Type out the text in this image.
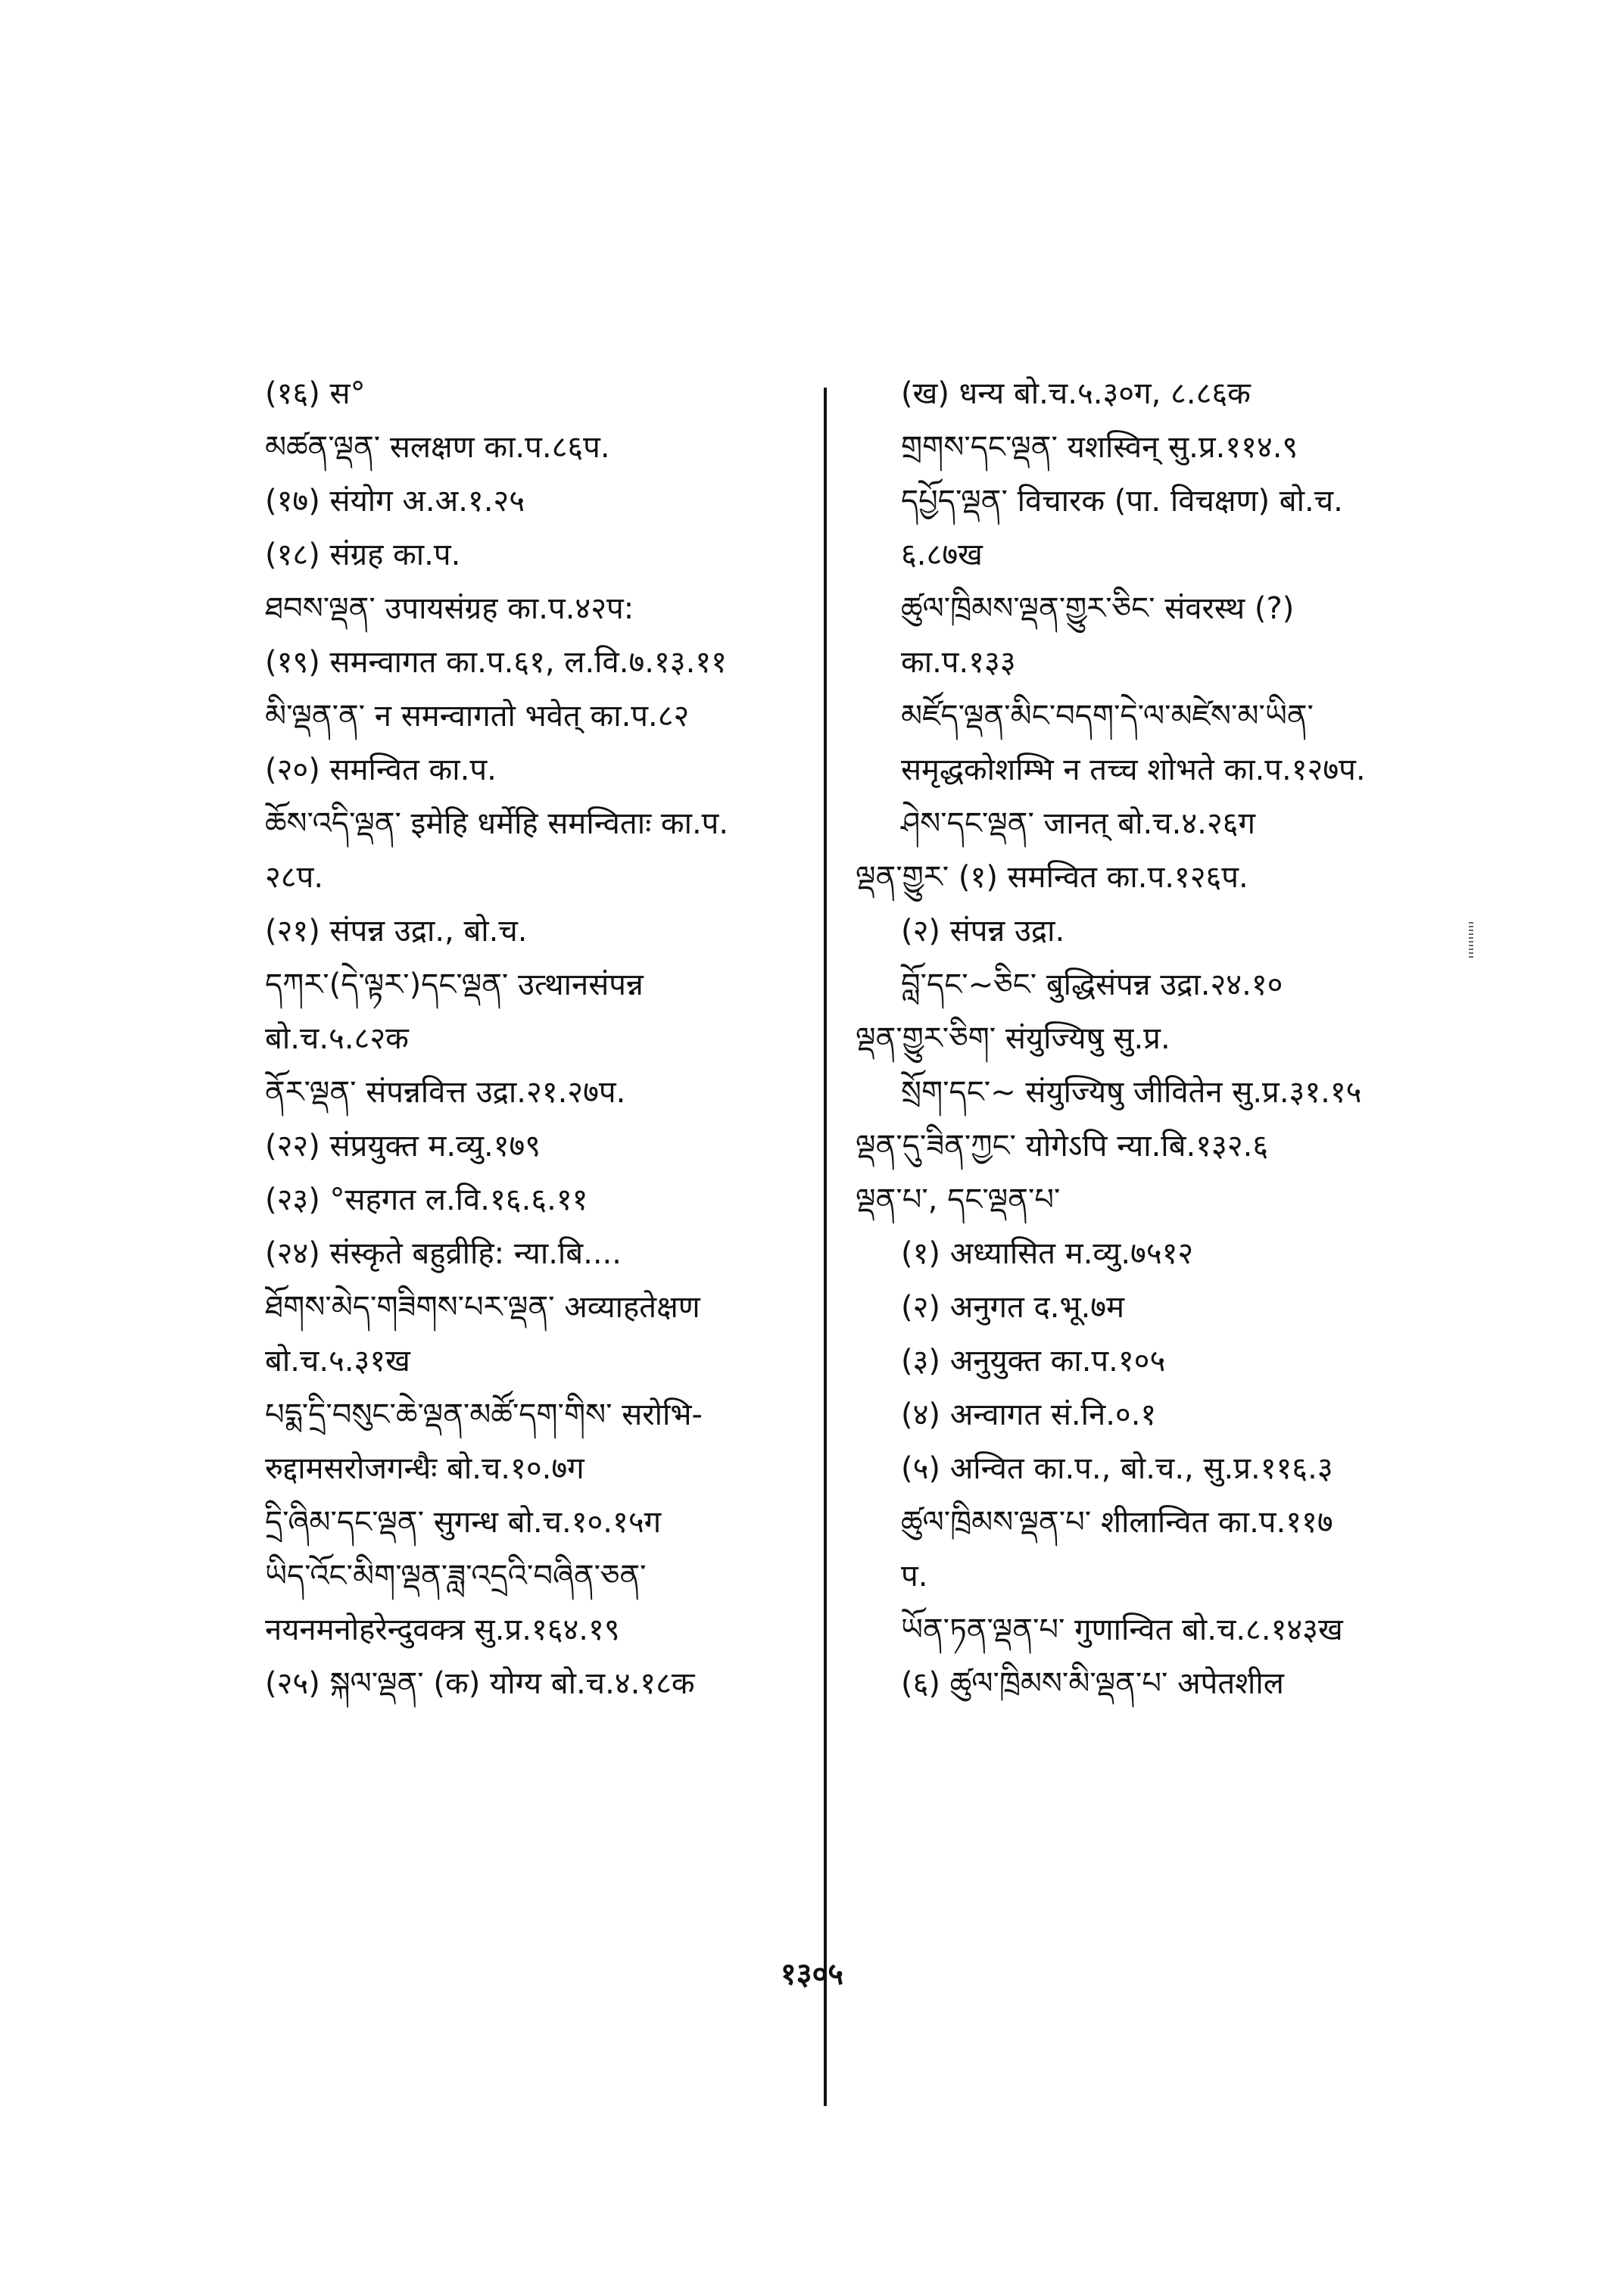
(१६) स°
མཚན་ལྡན་ सलक्षण का.प.८६प.
(१७) संयोग अ.अ.१.२५
(१८) संग्रह का.प.
ཐབས་ལྡན་ उपायसंग्रह का.प.४२प:
(१९) समन्वागत का.प.६१, ल.वि.७.१३.११
མི་ལྡན་ན་ न समन्वागतो भवेत् का.प.८२
(२०) समन्वित का.प.
ཆོས་འདི་ལྡན་ इमेहि धर्मेहि समन्विताः का.प.
२८प.
(२१) संपन्न उद्रा., बो.च.
དཀར་(དེ་ལྟར་)དང་ལྡན་ उत्थानसंपन्न
बो.च.५.८२क
ནོར་ལྡན་ संपन्नवित्त उद्रा.२१.२७प.
(२२) संप्रयुक्त म.व्यु.१७९
(२३) °सहगत ल.वि.१६.६.११
(२४) संस्कृते बहुव्रीहि: न्या.बि....
ཐོགས་མེད་གཟིགས་པར་ལྡན་ अव्याहतेक्षण
बो.च.५.३१ख
པདྨ་དྲི་བསུང་ཆེ་ལྡན་མཚོ་དག་གིས་ सरोभि-
रुद्दामसरोजगन्धैः बो.च.१०.७ग
དྲི་ཞིམ་དང་ལྡན་ सुगन्ध बो.च.१०.१५ग
ཡིད་འོང་མིག་ལྡན་ཟླ་འདྲའི་བཞིན་ཅན་
नयनमनोहरेन्दुवक्त्र सु.प्र.१६४.१९
(२५) སྐལ་ལྡན་ (क) योग्य बो.च.४.१८क
(ख) धन्य बो.च.५.३०ग, ८.८६क
གྲགས་དང་ལྡན་ यशस्विन् सु.प्र.११४.९
དཔྱོད་ལྡན་ विचारक (पा. विचक्षण) बो.च.
६.८७ख
ཚུལ་ཁྲིམས་ལྡན་གྱུར་ཅིང་ संवरस्थ (?)
का.प.१३३
མཛོད་ལྡན་མིང་བདག་དེ་ལ་མཛེས་མ་ཡིན་
समृद्धकोशम्भि न तच्च शोभते का.प.१२७प.
ཤེས་དང་ལྡན་ जानत् बो.च.४.२६ग
ལྡན་གྱུར་ (१) समन्वित का.प.१२६प.
(२) संपन्न उद्रा.
བློ་དང་~ཅིང་ बुद्धिसंपन्न उद्रा.२४.१०
ལྡན་གྱུར་ཅིག་ संयुज्यिषु सु.प्र.
སྲོག་དང་~ संयुज्यिषु जीवितेन सु.प्र.३१.१५
ལྡན་དུ་ཟིན་ཀྱང་ योगेऽपि न्या.बि.१३२.६
ལྡན་པ་, དང་ལྡན་པ་
(१) अध्यासित म.व्यु.७५१२
(२) अनुगत द.भू.७म
(३) अनुयुक्त का.प.१०५
(४) अन्वागत सं.नि.०.१
(५) अन्वित का.प., बो.च., सु.प्र.११६.३
ཚུལ་ཁྲིམས་ལྡན་པ་ शीलान्वित का.प.११७
प.
ཡོན་ཏན་ལྡན་པ་ गुणान्वित बो.च.८.१४३ख
(६) ཚུལ་ཁྲིམས་མི་ལྡན་པ་ अपेतशील
१३०५
